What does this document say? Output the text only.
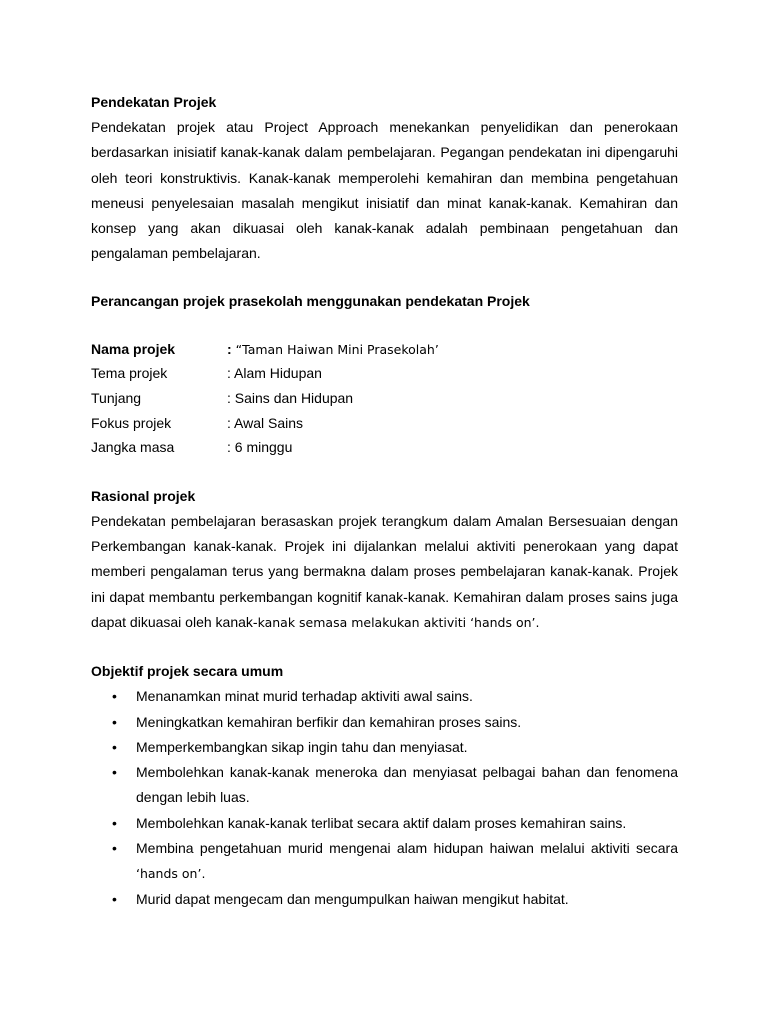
Pendekatan Projek

Pendekatan projek atau Project Approach menekankan penyelidikan dan penerokaan berdasarkan inisiatif kanak-kanak dalam pembelajaran. Pegangan pendekatan ini dipengaruhi oleh teori konstruktivis. Kanak-kanak memperolehi kemahiran dan membina pengetahuan meneusi penyelesaian masalah mengikut inisiatif dan minat kanak-kanak. Kemahiran dan konsep yang akan dikuasai oleh kanak-kanak adalah pembinaan pengetahuan dan pengalaman pembelajaran.

Perancangan projek prasekolah menggunakan pendekatan Projek
Nama projek	: “Taman Haiwan Mini Prasekolah’
Tema projek	: Alam Hidupan
Tunjang	: Sains dan Hidupan
Fokus projek	: Awal Sains
Jangka masa	: 6 minggu
Rasional projek

Pendekatan pembelajaran berasaskan projek terangkum dalam Amalan Bersesuaian dengan Perkembangan kanak-kanak. Projek ini dijalankan melalui aktiviti penerokaan yang dapat memberi pengalaman terus yang bermakna dalam proses pembelajaran kanak-kanak. Projek ini dapat membantu perkembangan kognitif kanak-kanak. Kemahiran dalam proses sains juga dapat dikuasai oleh kanak-kanak semasa melakukan aktiviti ‘hands on’.

Objektif projek secara umum
• Menanamkan minat murid terhadap aktiviti awal sains.
• Meningkatkan kemahiran berfikir dan kemahiran proses sains.
• Memperkembangkan sikap ingin tahu dan menyiasat.
• Membolehkan kanak-kanak meneroka dan menyiasat pelbagai bahan dan fenomena dengan lebih luas.
• Membolehkan kanak-kanak terlibat secara aktif dalam proses kemahiran sains.
• Membina pengetahuan murid mengenai alam hidupan haiwan melalui aktiviti secara ‘hands on’.
• Murid dapat mengecam dan mengumpulkan haiwan mengikut habitat.
